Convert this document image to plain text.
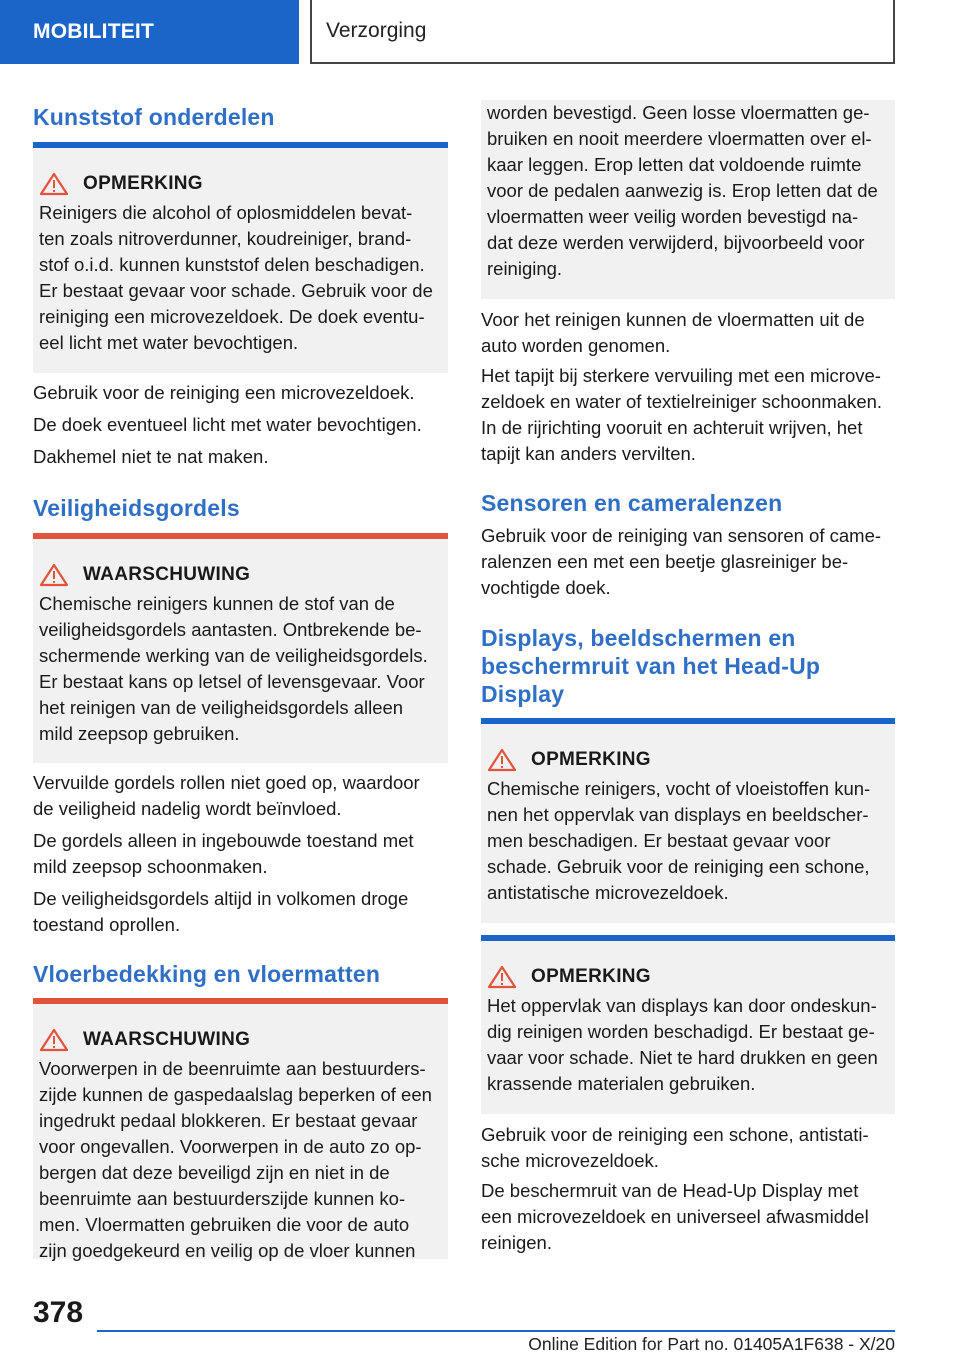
MOBILITEIT	Verzorging
Kunststof onderdelen
OPMERKING
Reinigers die alcohol of oplosmiddelen bevat-
ten zoals nitroverdunner, koudreiniger, brand-
stof o.i.d. kunnen kunststof delen beschadigen.
Er bestaat gevaar voor schade. Gebruik voor de
reiniging een microvezeldoek. De doek eventu-
eel licht met water bevochtigen.

Gebruik voor de reiniging een microvezeldoek.

De doek eventueel licht met water bevochtigen.

Dakhemel niet te nat maken.

Veiligheidsgordels
WAARSCHUWING
Chemische reinigers kunnen de stof van de
veiligheidsgordels aantasten. Ontbrekende be-
schermende werking van de veiligheidsgordels.
Er bestaat kans op letsel of levensgevaar. Voor
het reinigen van de veiligheidsgordels alleen
mild zeepsop gebruiken.

Vervuilde gordels rollen niet goed op, waardoor
de veiligheid nadelig wordt beïnvloed.

De gordels alleen in ingebouwde toestand met
mild zeepsop schoonmaken.

De veiligheidsgordels altijd in volkomen droge
toestand oprollen.

Vloerbedekking en vloermatten
WAARSCHUWING
Voorwerpen in de beenruimte aan bestuurders-
zijde kunnen de gaspedaalslag beperken of een
ingedrukt pedaal blokkeren. Er bestaat gevaar
voor ongevallen. Voorwerpen in de auto zo op-
bergen dat deze beveiligd zijn en niet in de
beenruimte aan bestuurderszijde kunnen ko-
men. Vloermatten gebruiken die voor de auto
zijn goedgekeurd en veilig op de vloer kunnen
worden bevestigd. Geen losse vloermatten ge-
bruiken en nooit meerdere vloermatten over el-
kaar leggen. Erop letten dat voldoende ruimte
voor de pedalen aanwezig is. Erop letten dat de
vloermatten weer veilig worden bevestigd na-
dat deze werden verwijderd, bijvoorbeeld voor
reiniging.

Voor het reinigen kunnen de vloermatten uit de
auto worden genomen.

Het tapijt bij sterkere vervuiling met een microve-
zeldoek en water of textielreiniger schoonmaken.
In de rijrichting vooruit en achteruit wrijven, het
tapijt kan anders vervilten.

Sensoren en cameralenzen

Gebruik voor de reiniging van sensoren of came-
ralenzen een met een beetje glasreiniger be-
vochtigde doek.

Displays, beeldschermen en
beschermruit van het Head-Up
Display
OPMERKING
Chemische reinigers, vocht of vloeistoffen kun-
nen het oppervlak van displays en beeldscher-
men beschadigen. Er bestaat gevaar voor
schade. Gebruik voor de reiniging een schone,
antistatische microvezeldoek.
OPMERKING
Het oppervlak van displays kan door ondeskun-
dig reinigen worden beschadigd. Er bestaat ge-
vaar voor schade. Niet te hard drukken en geen
krassende materialen gebruiken.

Gebruik voor de reiniging een schone, antistati-
sche microvezeldoek.

De beschermruit van de Head-Up Display met
een microvezeldoek en universeel afwasmiddel
reinigen.

378
Online Edition for Part no. 01405A1F638 - X/20
